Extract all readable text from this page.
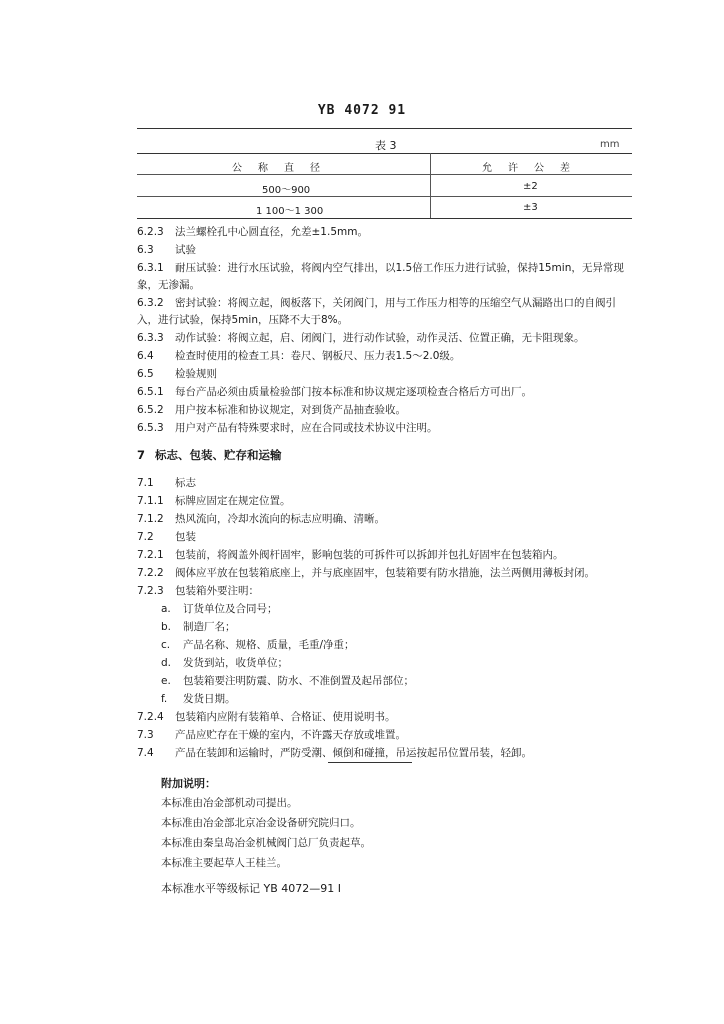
YB 4072 91
表 3	mm
公称直径	允许公差
500～900	±2
1 100～1 300	±3
6.2.3 法兰螺栓孔中心圆直径，允差±1.5mm。
6.3 试验
6.3.1 耐压试验：进行水压试验，将阀内空气排出，以1.5倍工作压力进行试验，保持15min，无异常现
象，无渗漏。
6.3.2 密封试验：将阀立起，阀板落下，关闭阀门，用与工作压力相等的压缩空气从漏路出口的自阀引
入，进行试验，保持5min，压降不大于8%。
6.3.3 动作试验：将阀立起，启、闭阀门，进行动作试验，动作灵活、位置正确，无卡阻现象。
6.4 检查时使用的检查工具：卷尺、钢板尺、压力表1.5～2.0级。
6.5 检验规则
6.5.1 每台产品必须由质量检验部门按本标准和协议规定逐项检查合格后方可出厂。
6.5.2 用户按本标准和协议规定，对到货产品抽查验收。
6.5.3 用户对产品有特殊要求时，应在合同或技术协议中注明。
7 标志、包装、贮存和运输
7.1 标志
7.1.1 标牌应固定在规定位置。
7.1.2 热风流向，冷却水流向的标志应明确、清晰。
7.2 包装
7.2.1 包装前，将阀盖外阀杆固牢，影响包装的可拆件可以拆卸并包扎好固牢在包装箱内。
7.2.2 阀体应平放在包装箱底座上，并与底座固牢，包装箱要有防水措施，法兰两侧用薄板封闭。
7.2.3 包装箱外要注明：
a. 订货单位及合同号；
b. 制造厂名；
c. 产品名称、规格、质量，毛重/净重；
d. 发货到站，收货单位；
e. 包装箱要注明防震、防水、不准倒置及起吊部位；
f. 发货日期。
7.2.4 包装箱内应附有装箱单、合格证、使用说明书。
7.3 产品应贮存在干燥的室内，不许露天存放或堆置。
7.4 产品在装卸和运输时，严防受潮、倾倒和碰撞，吊运按起吊位置吊装，轻卸。
附加说明：
本标准由冶金部机动司提出。
本标准由冶金部北京冶金设备研究院归口。
本标准由秦皇岛冶金机械阀门总厂负责起草。
本标准主要起草人王桂兰。
本标准水平等级标记 YB 4072—91 I
